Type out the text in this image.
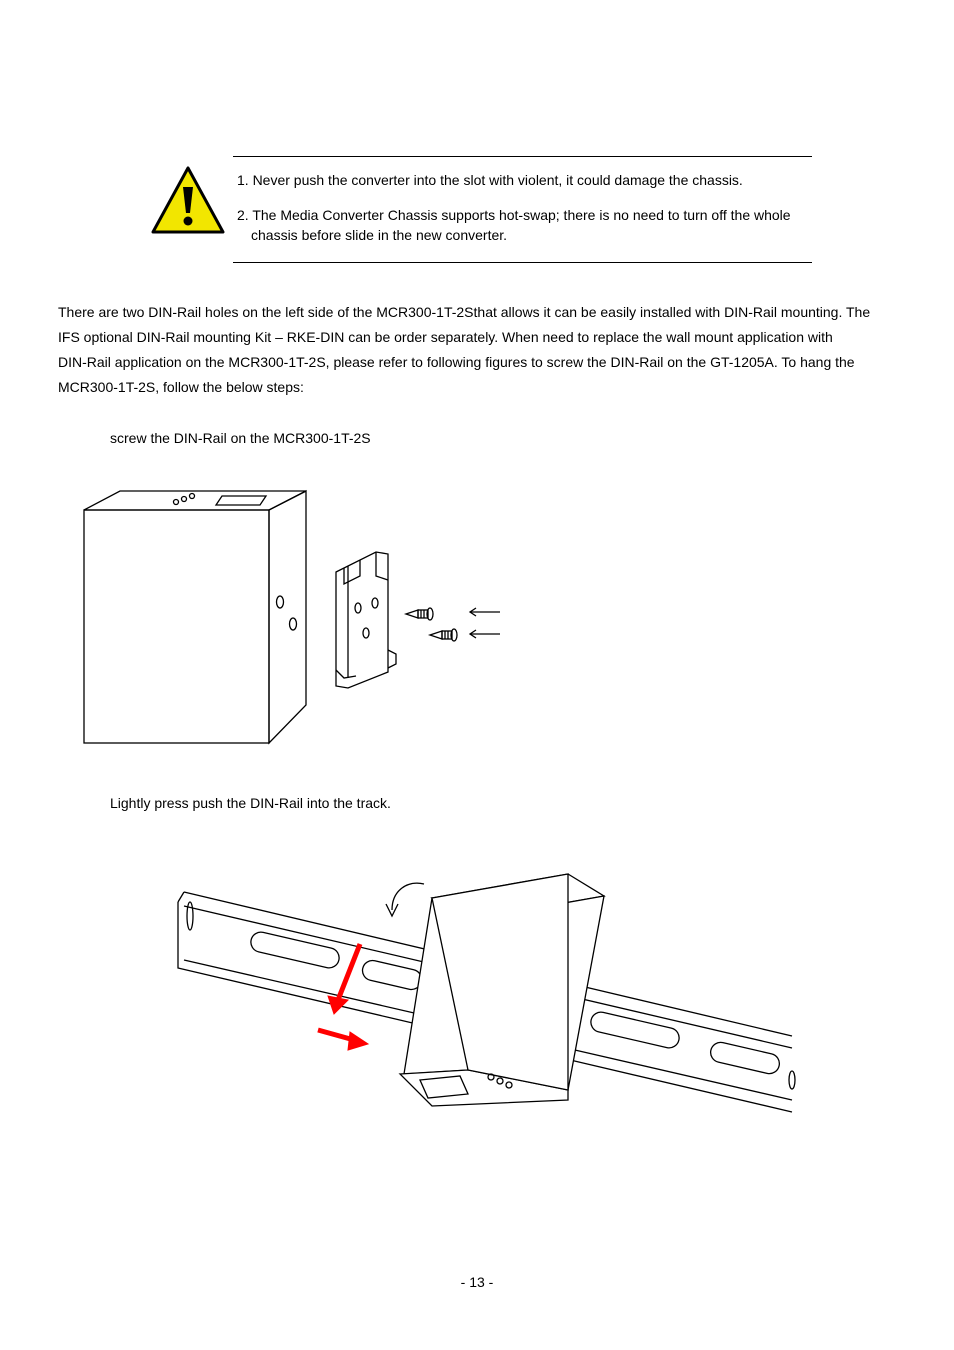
1. Never push the converter into the slot with violent, it could damage the chassis.
2. The Media Converter Chassis supports hot-swap; there is no need to turn off the whole
chassis before slide in the new converter.
There are two DIN-Rail holes on the left side of the MCR300-1T-2Sthat allows it can be easily installed with DIN-Rail mounting. The
IFS optional DIN-Rail mounting Kit – RKE-DIN can be order separately. When need to replace the wall mount application with
DIN-Rail application on the MCR300-1T-2S, please refer to following figures to screw the DIN-Rail on the GT-1205A. To hang the
MCR300-1T-2S, follow the below steps:
screw the DIN-Rail on the MCR300-1T-2S
Lightly press push the DIN-Rail into the track.
- 13 -
